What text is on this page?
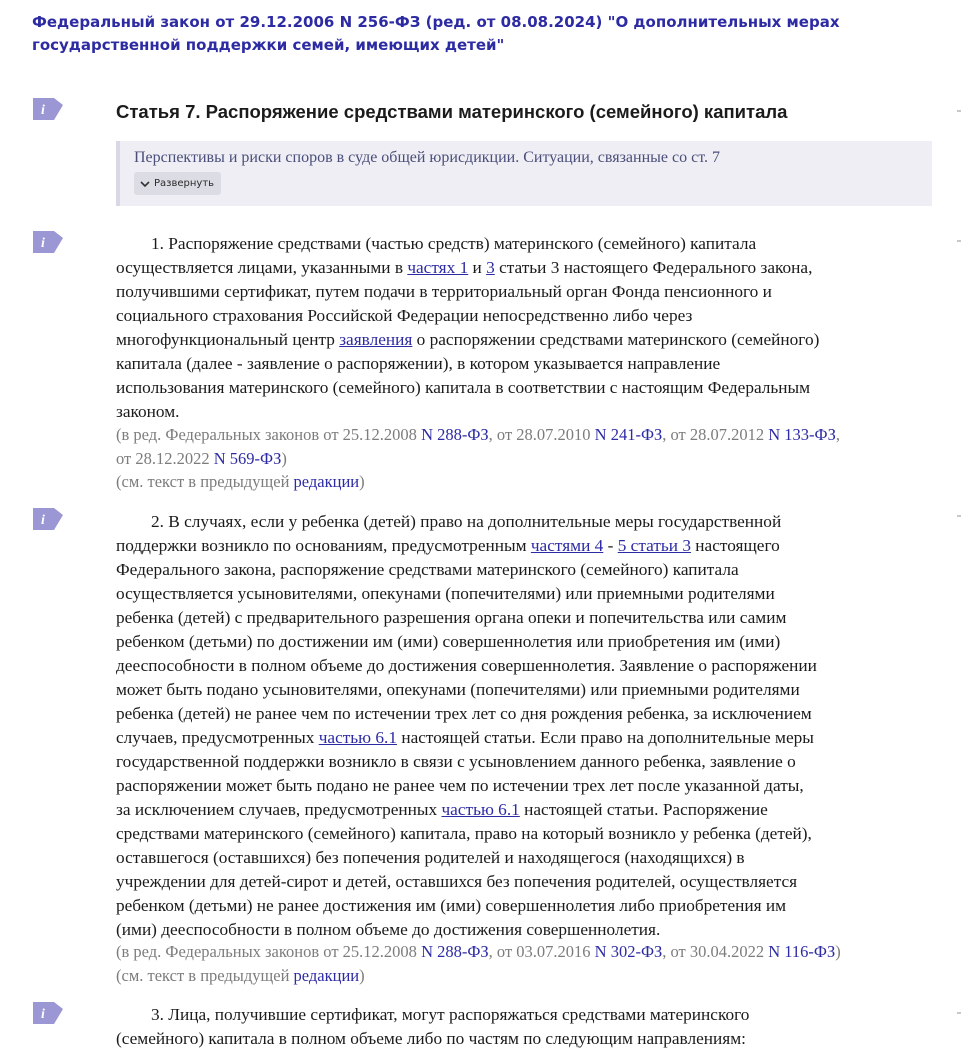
Федеральный закон от 29.12.2006 N 256-ФЗ (ред. от 08.08.2024) "О дополнительных мерах государственной поддержки семей, имеющих детей"
i
i
i
i
Статья 7. Распоряжение средствами материнского (семейного) капитала
Перспективы и риски споров в суде общей юрисдикции. Ситуации, связанные со ст. 7
Развернуть
1. Распоряжение средствами (частью средств) материнского (семейного) капитала
осуществляется лицами, указанными в частях 1 и 3 статьи 3 настоящего Федерального закона,
получившими сертификат, путем подачи в территориальный орган Фонда пенсионного и
социального страхования Российской Федерации непосредственно либо через
многофункциональный центр заявления о распоряжении средствами материнского (семейного)
капитала (далее - заявление о распоряжении), в котором указывается направление
использования материнского (семейного) капитала в соответствии с настоящим Федеральным
законом.
(в ред. Федеральных законов от 25.12.2008 N 288-ФЗ, от 28.07.2010 N 241-ФЗ, от 28.07.2012 N 133-ФЗ,
от 28.12.2022 N 569-ФЗ)
(см. текст в предыдущей редакции)
2. В случаях, если у ребенка (детей) право на дополнительные меры государственной
поддержки возникло по основаниям, предусмотренным частями 4 - 5 статьи 3 настоящего
Федерального закона, распоряжение средствами материнского (семейного) капитала
осуществляется усыновителями, опекунами (попечителями) или приемными родителями
ребенка (детей) с предварительного разрешения органа опеки и попечительства или самим
ребенком (детьми) по достижении им (ими) совершеннолетия или приобретения им (ими)
дееспособности в полном объеме до достижения совершеннолетия. Заявление о распоряжении
может быть подано усыновителями, опекунами (попечителями) или приемными родителями
ребенка (детей) не ранее чем по истечении трех лет со дня рождения ребенка, за исключением
случаев, предусмотренных частью 6.1 настоящей статьи. Если право на дополнительные меры
государственной поддержки возникло в связи с усыновлением данного ребенка, заявление о
распоряжении может быть подано не ранее чем по истечении трех лет после указанной даты,
за исключением случаев, предусмотренных частью 6.1 настоящей статьи. Распоряжение
средствами материнского (семейного) капитала, право на который возникло у ребенка (детей),
оставшегося (оставшихся) без попечения родителей и находящегося (находящихся) в
учреждении для детей-сирот и детей, оставшихся без попечения родителей, осуществляется
ребенком (детьми) не ранее достижения им (ими) совершеннолетия либо приобретения им
(ими) дееспособности в полном объеме до достижения совершеннолетия.
(в ред. Федеральных законов от 25.12.2008 N 288-ФЗ, от 03.07.2016 N 302-ФЗ, от 30.04.2022 N 116-ФЗ)
(см. текст в предыдущей редакции)
3. Лица, получившие сертификат, могут распоряжаться средствами материнского
(семейного) капитала в полном объеме либо по частям по следующим направлениям:
